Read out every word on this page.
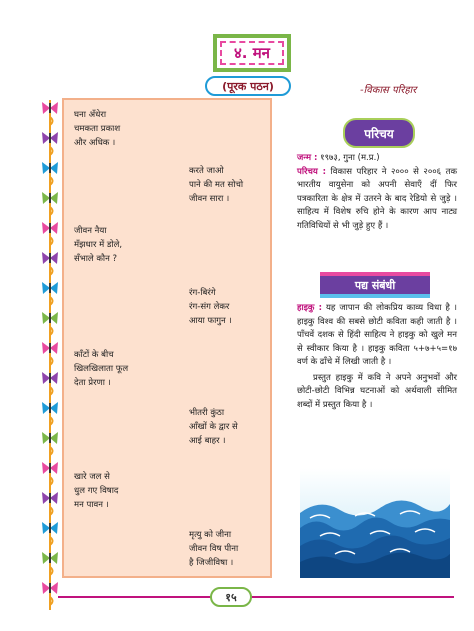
४. मन
(पूरक पठन)	-विकास परिहार
घना अँधेरा
चमकता प्रकाश
और अधिक ।
करते जाओ
पाने की मत सोचो
जीवन सारा ।
जीवन नैया
मँझधार में डोले,
सँभाले कौन ?
रंग-बिरंगे
रंग-संग लेकर
आया फागुन ।
काँटों के बीच
खिलखिलाता फूल
देता प्रेरणा ।
भीतरी कुंठा
आँखों के द्वार से
आई बाहर ।
खारे जल से
धुल गए विषाद
मन पावन ।
मृत्यु को जीना
जीवन विष पीना
है जिजीविषा ।
परिचय
जन्म : १९७३, गुना (म.प्र.)
परिचय : विकास परिहार ने २००० से २००६ तक भारतीय वायुसेना को अपनी सेवाएँ दीं फिर पत्रकारिता के क्षेत्र में उतरने के बाद रेडियो से जुड़े । साहित्य में विशेष रुचि होने के कारण आप नाट्य गतिविधियों से भी जुड़े हुए हैं ।
पद्य संबंधी

हाइकु : यह जापान की लोकप्रिय काव्य विधा है । हाइकु विश्व की सबसे छोटी कविता कही जाती है । पाँचवें दशक से हिंदी साहित्य ने हाइकु को खुले मन से स्वीकार किया है । हाइकु कविता ५+७+५=१७ वर्ण के ढाँचे में लिखी जाती है ।

प्रस्तुत हाइकु में कवि ने अपने अनुभवों और छोटी-छोटी विभिन्न घटनाओं को अर्थवाली सीमित शब्दों में प्रस्तुत किया है ।

१५
